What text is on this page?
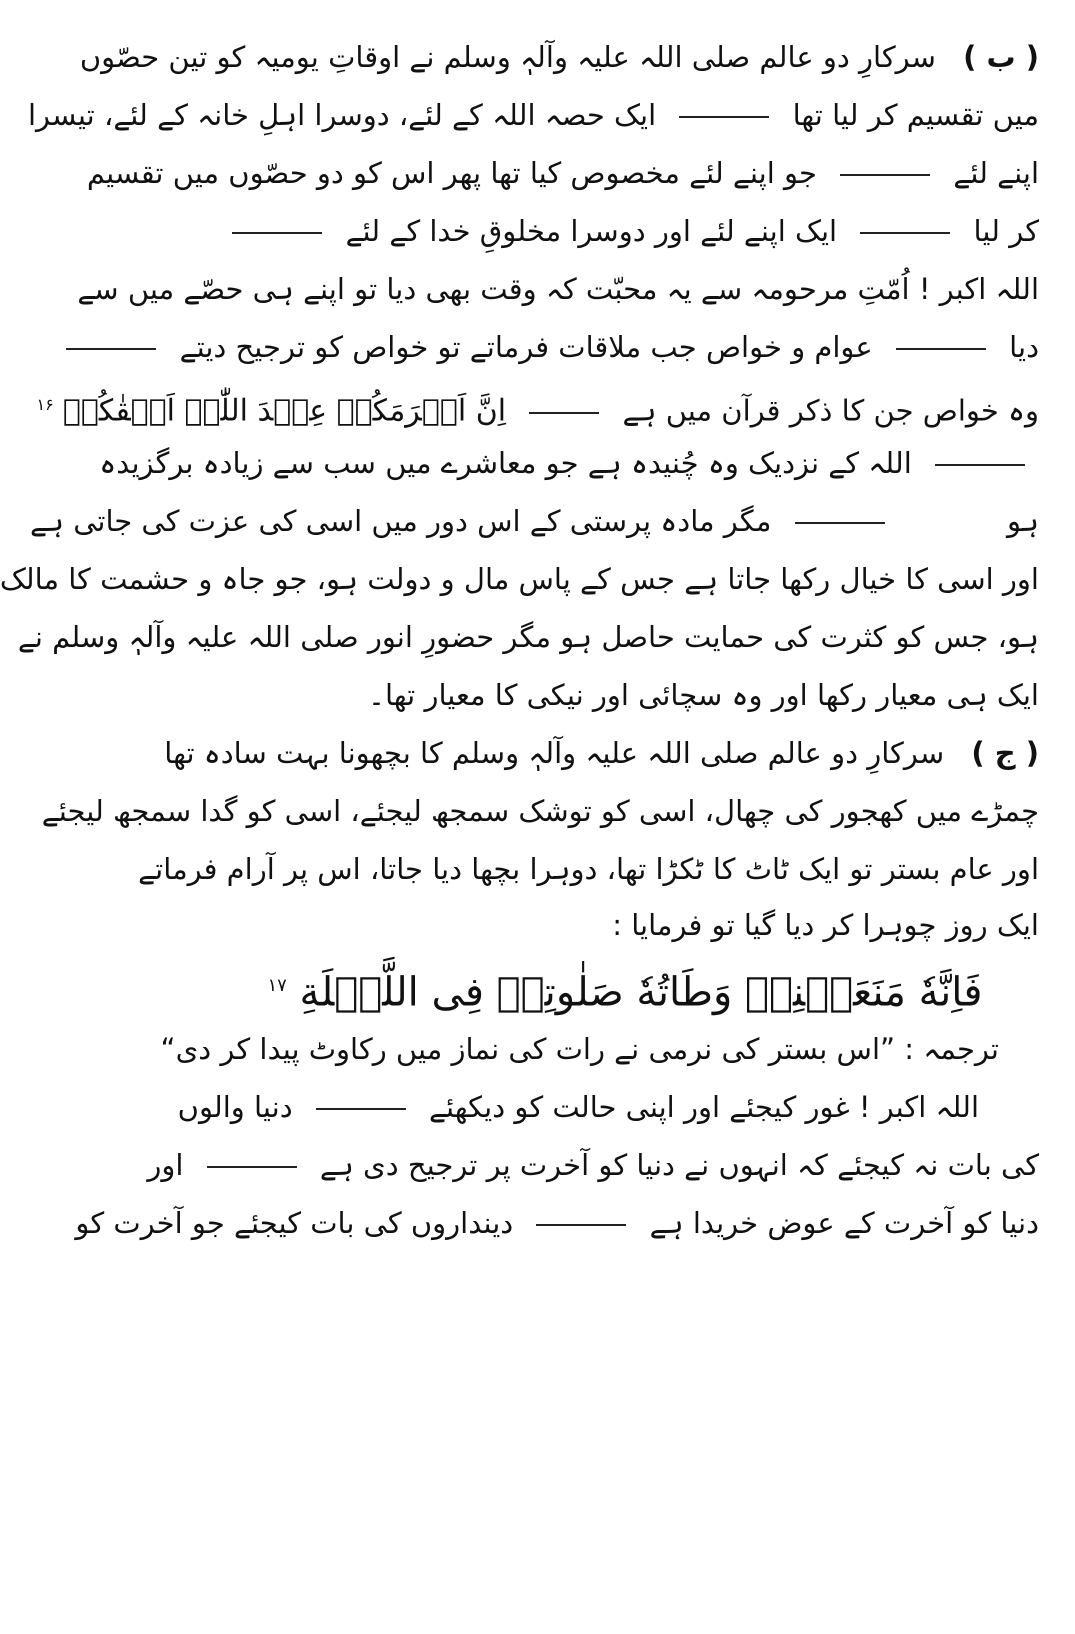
( ب ) سرکارِ دو عالم صلی اللہ علیہ وآلہٖ وسلم نے اوقاتِ یومیہ کو تین حصّوں
میں تقسیم کر لیا تھا  ایک حصہ اللہ کے لئے، دوسرا اہلِ خانہ کے لئے، تیسرا
اپنے لئے  جو اپنے لئے مخصوص کیا تھا پھر اس کو دو حصّوں میں تقسیم
کر لیا  ایک اپنے لئے اور دوسرا مخلوقِ خدا کے لئے
اللہ اکبر ! اُمّتِ مرحومہ سے یہ محبّت کہ وقت بھی دیا تو اپنے ہی حصّے میں سے
دیا  عوام و خواص جب ملاقات فرماتے تو خواص کو ترجیح دیتے
وہ خواص جن کا ذکر قرآن میں ہے  اِنَّ اَکۡرَمَکُمۡ عِنۡدَ اللّٰہِ اَتۡقٰکُمۡ $^{۱۶}$
اللہ کے نزدیک وہ چُنیدہ ہے جو معاشرے میں سب سے زیادہ برگزیدہ
ہو   مگر مادہ پرستی کے اس دور میں اسی کی عزت کی جاتی ہے
اور اسی کا خیال رکھا جاتا ہے جس کے پاس مال و دولت ہو، جو جاہ و حشمت کا مالک
ہو، جس کو کثرت کی حمایت حاصل ہو مگر حضورِ انور صلی اللہ علیہ وآلہٖ وسلم نے
ایک ہی معیار رکھا اور وہ سچائی اور نیکی کا معیار تھا۔
( ج ) سرکارِ دو عالم صلی اللہ علیہ وآلہٖ وسلم کا بچھونا بہت سادہ تھا
چمڑے میں کھجور کی چھال، اسی کو توشک سمجھ لیجئے، اسی کو گدا سمجھ لیجئے
اور عام بستر تو ایک ٹاٹ کا ٹکڑا تھا، دوہرا بچھا دیا جاتا، اس پر آرام فرماتے
ایک روز چوہرا کر دیا گیا تو فرمایا :
فَاِنَّهٗ مَنَعَتۡنِیۡ وَطَاتُهٗ صَلٰوتِیۡ فِی اللَّیۡلَةِ $^{۱۷}$
ترجمہ : ”اس بستر کی نرمی نے رات کی نماز میں رکاوٹ پیدا کر دی“
اللہ اکبر ! غور کیجئے اور اپنی حالت کو دیکھئے  دنیا والوں
کی بات نہ کیجئے کہ انہوں نے دنیا کو آخرت پر ترجیح دی ہے  اور
دنیا کو آخرت کے عوض خریدا ہے  دینداروں کی بات کیجئے جو آخرت کو
